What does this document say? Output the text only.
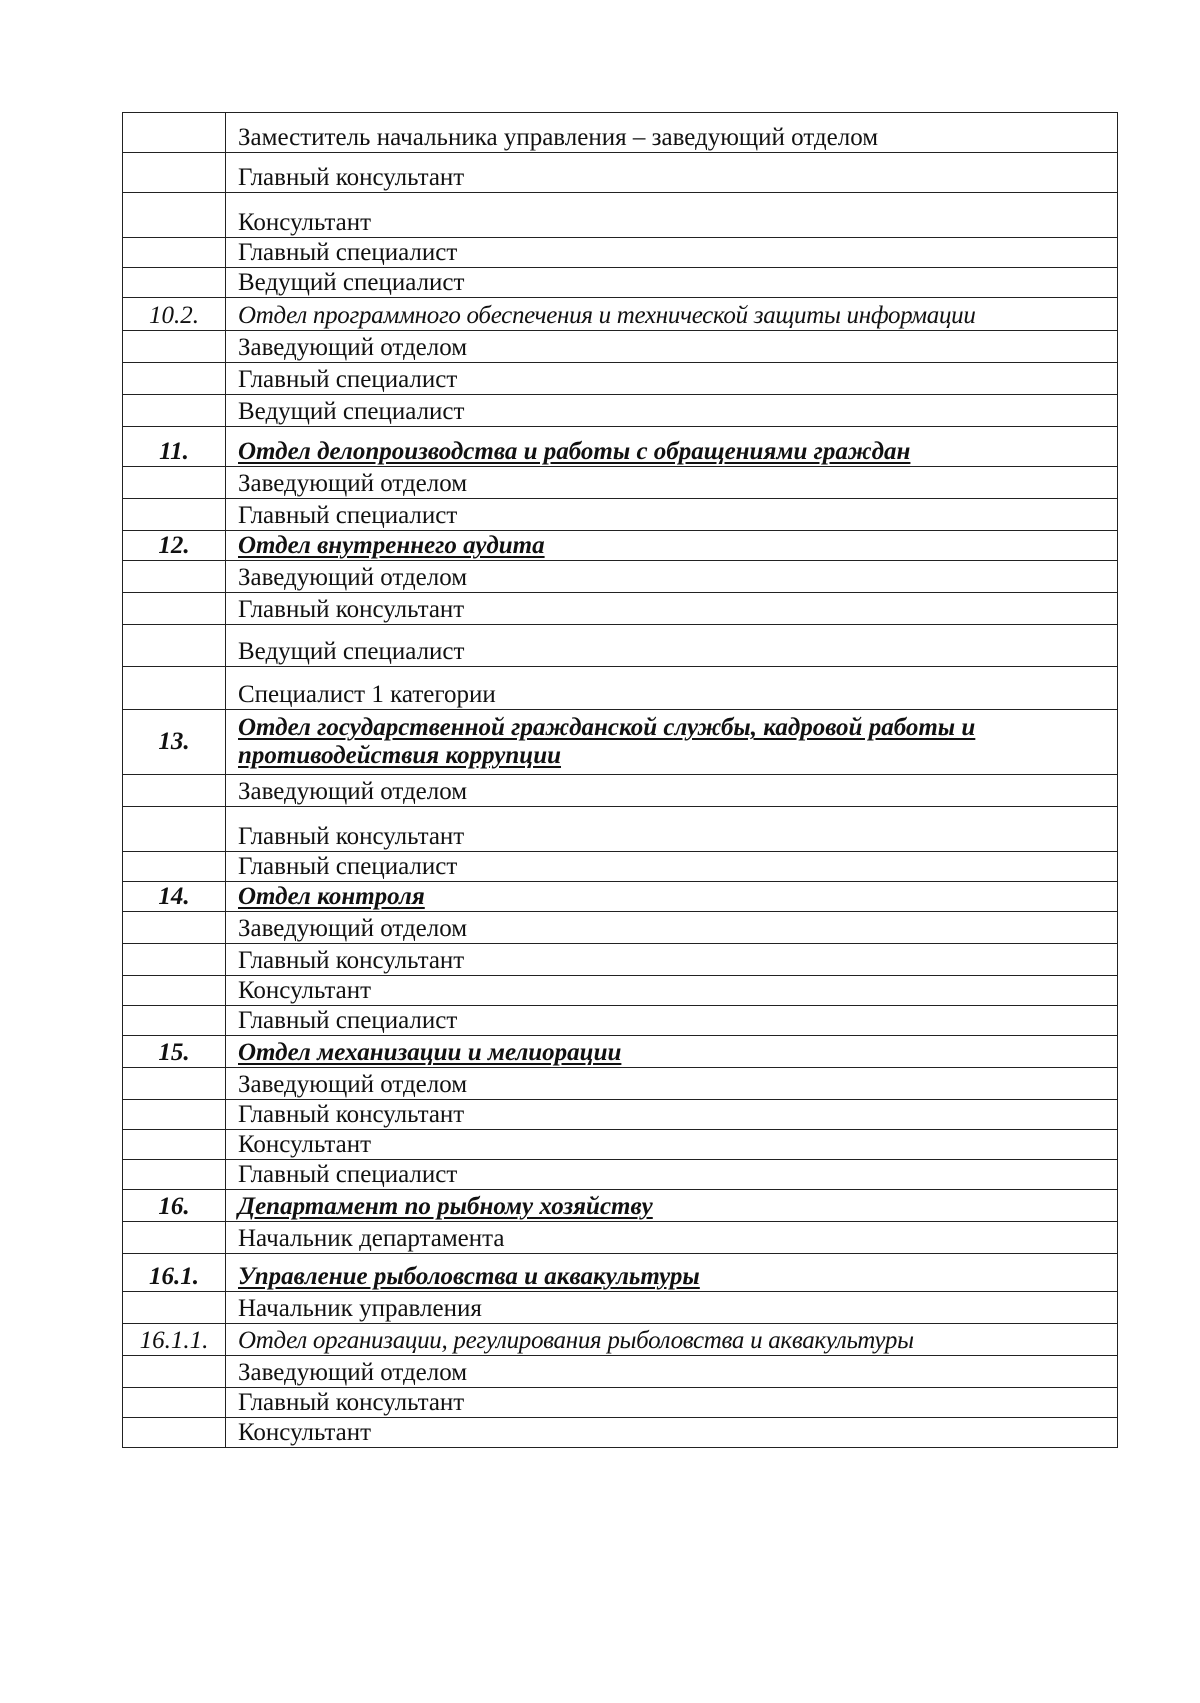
	Заместитель начальника управления – заведующий отделом
	Главный консультант
	Консультант
	Главный специалист
	Ведущий специалист
10.2.	Отдел программного обеспечения и технической защиты информации
	Заведующий отделом
	Главный специалист
	Ведущий специалист
11.	Отдел делопроизводства и работы с обращениями граждан
	Заведующий отделом
	Главный специалист
12.	Отдел внутреннего аудита
	Заведующий отделом
	Главный консультант
	Ведущий специалист
	Специалист 1 категории
13.	Отдел государственной гражданской службы, кадровой работы и противодействия коррупции
	Заведующий отделом
	Главный консультант
	Главный специалист
14.	Отдел контроля
	Заведующий отделом
	Главный консультант
	Консультант
	Главный специалист
15.	Отдел механизации и мелиорации
	Заведующий отделом
	Главный консультант
	Консультант
	Главный специалист
16.	Департамент по рыбному хозяйству
	Начальник департамента
16.1.	Управление рыболовства и аквакультуры
	Начальник управления
16.1.1.	Отдел организации, регулирования рыболовства и аквакультуры
	Заведующий отделом
	Главный консультант
	Консультант
